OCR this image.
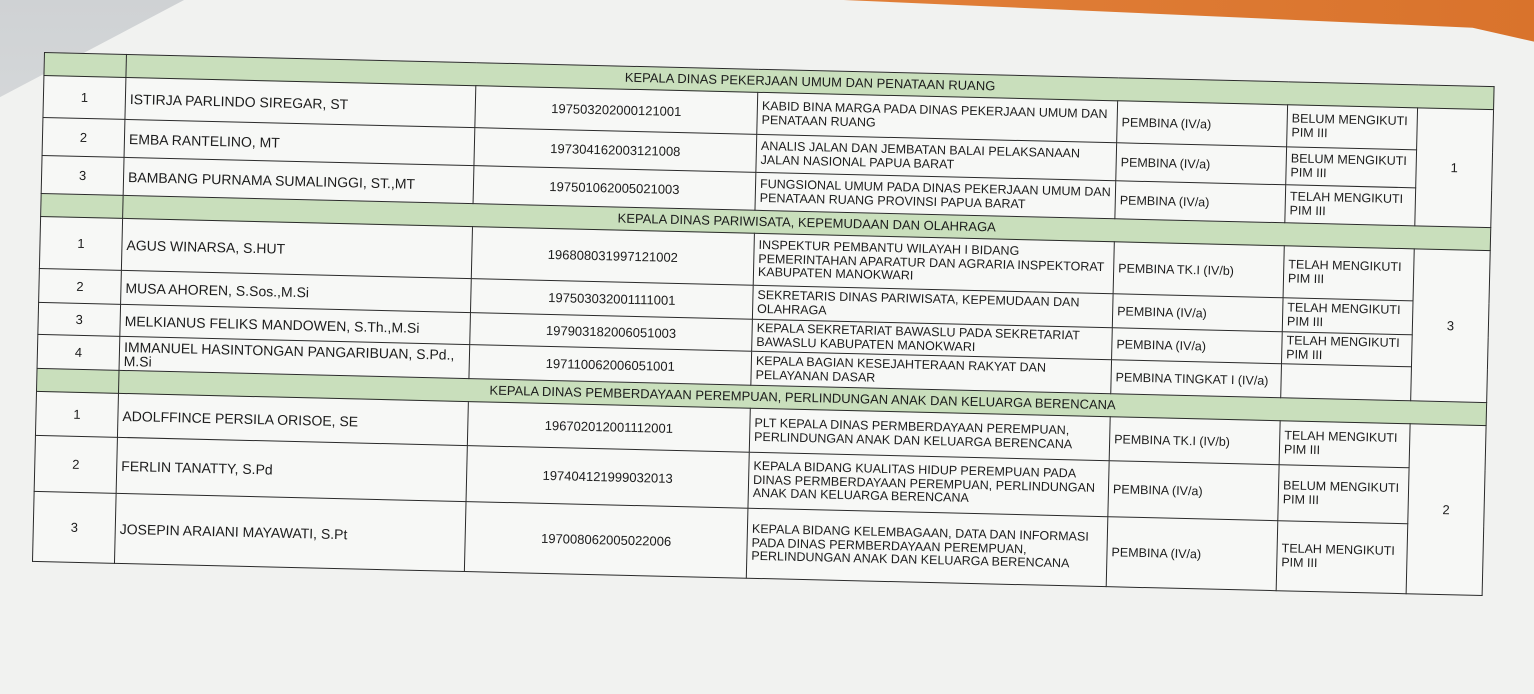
	KEPALA DINAS PEKERJAAN UMUM DAN PENATAAN RUANG					
1	ISTIRJA PARLINDO SIREGAR, ST	197503202000121001	KABID BINA MARGA PADA DINAS PEKERJAAN UMUM DAN PENATAAN RUANG	PEMBINA (IV/a)	BELUM MENGIKUTI PIM III	1
2	EMBA RANTELINO, MT	197304162003121008	ANALIS JALAN DAN JEMBATAN BALAI PELAKSANAAN JALAN NASIONAL PAPUA BARAT	PEMBINA (IV/a)	BELUM MENGIKUTI PIM III	
3	BAMBANG PURNAMA SUMALINGGI, ST.,MT	197501062005021003	FUNGSIONAL UMUM PADA DINAS PEKERJAAN UMUM DAN PENATAAN RUANG PROVINSI PAPUA BARAT	PEMBINA (IV/a)	TELAH MENGIKUTI PIM III	
	KEPALA DINAS PARIWISATA, KEPEMUDAAN DAN OLAHRAGA					
1	AGUS WINARSA, S.HUT	196808031997121002	INSPEKTUR PEMBANTU WILAYAH I BIDANG PEMERINTAHAN APARATUR DAN AGRARIA INSPEKTORAT KABUPATEN MANOKWARI	PEMBINA TK.I (IV/b)	TELAH MENGIKUTI PIM III	3
2	MUSA AHOREN, S.Sos.,M.Si	197503032001111001	SEKRETARIS DINAS PARIWISATA, KEPEMUDAAN DAN OLAHRAGA	PEMBINA (IV/a)	TELAH MENGIKUTI PIM III	
3	MELKIANUS FELIKS MANDOWEN, S.Th.,M.Si	197903182006051003	KEPALA SEKRETARIAT BAWASLU PADA SEKRETARIAT BAWASLU KABUPATEN MANOKWARI	PEMBINA (IV/a)	TELAH MENGIKUTI PIM III	
4	IMMANUEL HASINTONGAN PANGARIBUAN, S.Pd., M.Si	197110062006051001	KEPALA BAGIAN KESEJAHTERAAN RAKYAT DAN PELAYANAN DASAR	PEMBINA TINGKAT I (IV/a)		
	KEPALA DINAS PEMBERDAYAAN PEREMPUAN, PERLINDUNGAN ANAK DAN KELUARGA BERENCANA					
1	ADOLFFINCE PERSILA ORISOE, SE	196702012001112001	PLT KEPALA DINAS PERMBERDAYAAN PEREMPUAN, PERLINDUNGAN ANAK DAN KELUARGA BERENCANA	PEMBINA TK.I (IV/b)	TELAH MENGIKUTI PIM III	2
2	FERLIN TANATTY, S.Pd	197404121999032013	KEPALA BIDANG KUALITAS HIDUP PEREMPUAN PADA DINAS PERMBERDAYAAN PEREMPUAN, PERLINDUNGAN ANAK DAN KELUARGA BERENCANA	PEMBINA (IV/a)	BELUM MENGIKUTI PIM III	
3	JOSEPIN ARAIANI MAYAWATI, S.Pt	197008062005022006	KEPALA BIDANG KELEMBAGAAN, DATA DAN INFORMASI PADA DINAS PERMBERDAYAAN PEREMPUAN, PERLINDUNGAN ANAK DAN KELUARGA BERENCANA	PEMBINA (IV/a)	TELAH MENGIKUTI PIM III	
